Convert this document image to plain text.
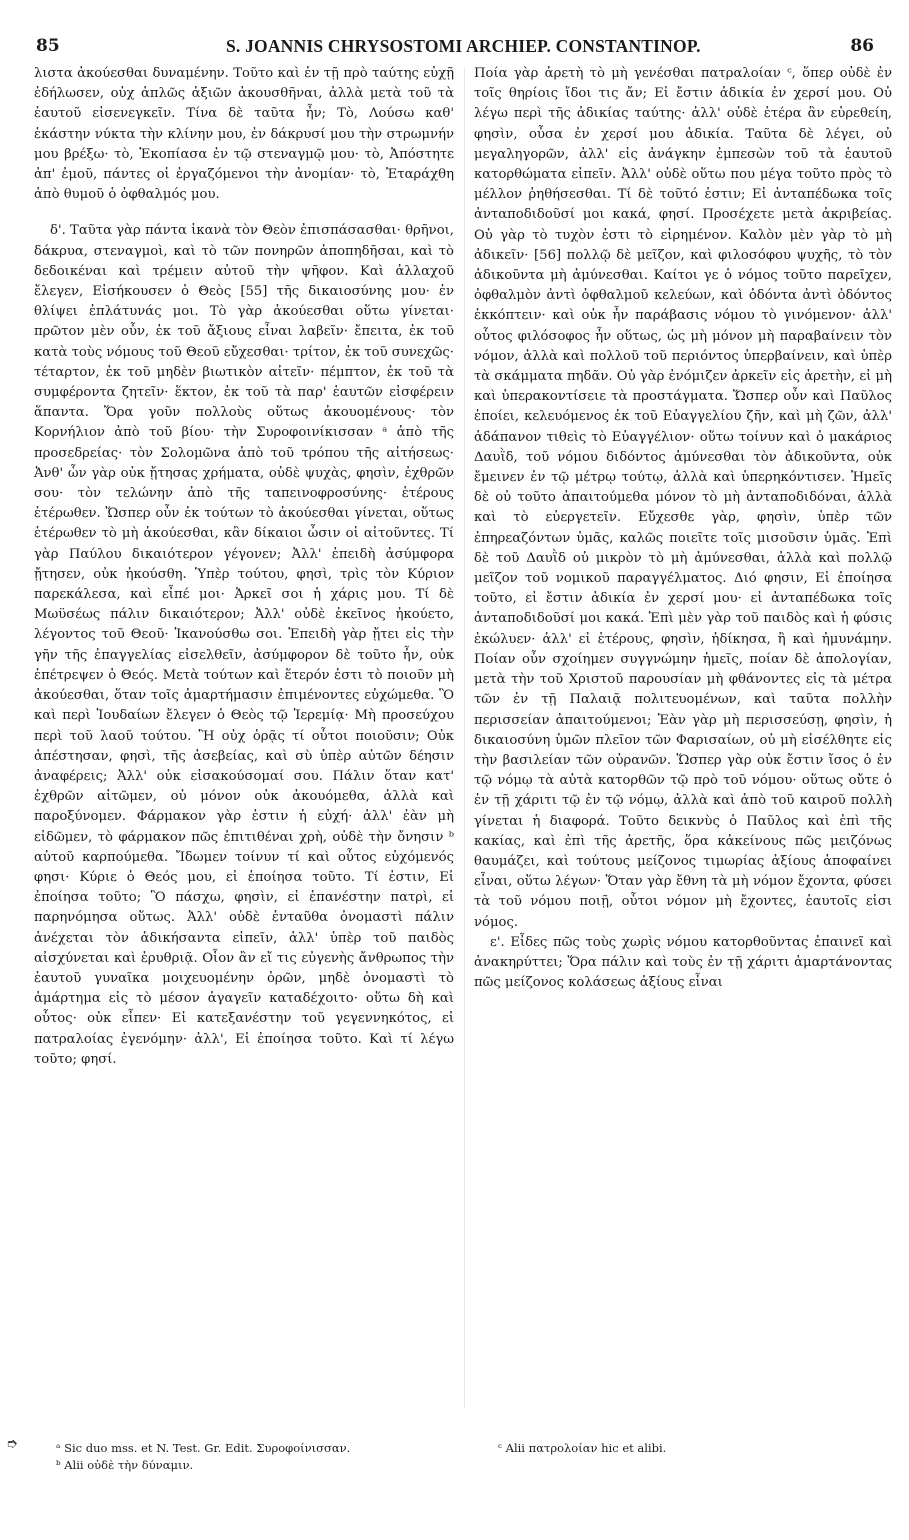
85	S. JOANNIS CHRYSOSTOMI ARCHIEP. CONSTANTINOP.	86

λιστα ἀκούεσθαι δυναμένην. Τοῦτο καὶ ἐν τῇ πρὸ ταύτης εὐχῇ ἐδήλωσεν, οὐχ ἁπλῶς ἀξιῶν ἀκουσθῆναι, ἀλλὰ μετὰ τοῦ τὰ ἑαυτοῦ εἰσενεγκεῖν. Τίνα δὲ ταῦτα ἦν; Τὸ, Λούσω καθ' ἑκάστην νύκτα τὴν κλίνην μου, ἐν δάκρυσί μου τὴν στρωμνήν μου βρέξω· τὸ, Ἐκοπίασα ἐν τῷ στεναγμῷ μου· τὸ, Ἀπόστητε ἀπ' ἐμοῦ, πάντες οἱ ἐργαζόμενοι τὴν ἀνομίαν· τὸ, Ἐταράχθη ἀπὸ θυμοῦ ὁ ὀφθαλμός μου.

δ'. Ταῦτα γὰρ πάντα ἱκανὰ τὸν Θεὸν ἐπισπάσασθαι· θρῆνοι, δάκρυα, στεναγμοὶ, καὶ τὸ τῶν πονηρῶν ἀποπηδῆσαι, καὶ τὸ δεδοικέναι καὶ τρέμειν αὐτοῦ τὴν ψῆφον. Καὶ ἀλλαχοῦ ἔλεγεν, Εἰσήκουσεν ὁ Θεὸς [55] τῆς δικαιοσύνης μου· ἐν θλίψει ἐπλάτυνάς μοι. Τὸ γὰρ ἀκούεσθαι οὕτω γίνεται· πρῶτον μὲν οὖν, ἐκ τοῦ ἄξιους εἶναι λαβεῖν· ἔπειτα, ἐκ τοῦ κατὰ τοὺς νόμους τοῦ Θεοῦ εὔχεσθαι· τρίτον, ἐκ τοῦ συνεχῶς· τέταρτον, ἐκ τοῦ μηδὲν βιωτικὸν αἰτεῖν· πέμπτον, ἐκ τοῦ τὰ συμφέροντα ζητεῖν· ἕκτον, ἐκ τοῦ τὰ παρ' ἑαυτῶν εἰσφέρειν ἅπαντα. Ὅρα γοῦν πολλοὺς οὕτως ἀκουομένους· τὸν Κορνήλιον ἀπὸ τοῦ βίου· τὴν Συροφοινίκισσαν ᵃ ἀπὸ τῆς προσεδρείας· τὸν Σολομῶνα ἀπὸ τοῦ τρόπου τῆς αἰτήσεως· Ἀνθ' ὧν γὰρ οὐκ ᾔτησας χρήματα, οὐδὲ ψυχὰς, φησὶν, ἐχθρῶν σου· τὸν τελώνην ἀπὸ τῆς ταπεινοφροσύνης· ἑτέρους ἑτέρωθεν. Ὥσπερ οὖν ἐκ τούτων τὸ ἀκούεσθαι γίνεται, οὕτως ἑτέρωθεν τὸ μὴ ἀκούεσθαι, κἂν δίκαιοι ὦσιν οἱ αἰτοῦντες. Τί γὰρ Παύλου δικαιότερον γέγονεν; Ἀλλ' ἐπειδὴ ἀσύμφορα ᾔτησεν, οὐκ ἠκούσθη. Ὑπὲρ τούτου, φησὶ, τρὶς τὸν Κύριον παρεκάλεσα, καὶ εἶπέ μοι· Ἀρκεῖ σοι ἡ χάρις μου. Τί δὲ Μωϋσέως πάλιν δικαιότερον; Ἀλλ' οὐδὲ ἐκεῖνος ἠκούετο, λέγοντος τοῦ Θεοῦ· Ἱκανούσθω σοι. Ἐπειδὴ γὰρ ᾔτει εἰς τὴν γῆν τῆς ἐπαγγελίας εἰσελθεῖν, ἀσύμφορον δὲ τοῦτο ἦν, οὐκ ἐπέτρεψεν ὁ Θεός. Μετὰ τούτων καὶ ἕτερόν ἐστι τὸ ποιοῦν μὴ ἀκούεσθαι, ὅταν τοῖς ἁμαρτήμασιν ἐπιμένοντες εὐχώμεθα. Ὃ καὶ περὶ Ἰουδαίων ἔλεγεν ὁ Θεὸς τῷ Ἱερεμίᾳ· Μὴ προσεύχου περὶ τοῦ λαοῦ τούτου. Ἢ οὐχ ὁρᾷς τί οὗτοι ποιοῦσιν; Οὐκ ἀπέστησαν, φησὶ, τῆς ἀσεβείας, καὶ σὺ ὑπὲρ αὐτῶν δέησιν ἀναφέρεις; Ἀλλ' οὐκ εἰσακούσομαί σου. Πάλιν ὅταν κατ' ἐχθρῶν αἰτῶμεν, οὐ μόνον οὐκ ἀκουόμεθα, ἀλλὰ καὶ παροξύνομεν. Φάρμακον γὰρ ἐστιν ἡ εὐχή· ἀλλ' ἐὰν μὴ εἰδῶμεν, τὸ φάρμακον πῶς ἐπιτιθέναι χρὴ, οὐδὲ τὴν ὄνησιν ᵇ αὐτοῦ καρπούμεθα. Ἴδωμεν τοίνυν τί καὶ οὗτος εὐχόμενός φησι· Κύριε ὁ Θεός μου, εἰ ἐποίησα τοῦτο. Τί ἐστιν, Εἰ ἐποίησα τοῦτο; Ὃ πάσχω, φησὶν, εἰ ἐπανέστην πατρὶ, εἰ παρηνόμησα οὕτως. Ἀλλ' οὐδὲ ἐνταῦθα ὀνομαστὶ πάλιν ἀνέχεται τὸν ἀδικήσαντα εἰπεῖν, ἀλλ' ὑπὲρ τοῦ παιδὸς αἰσχύνεται καὶ ἐρυθριᾷ. Οἷον ἂν εἴ τις εὐγενὴς ἄνθρωπος τὴν ἑαυτοῦ γυναῖκα μοιχευομένην ὁρῶν, μηδὲ ὀνομαστὶ τὸ ἁμάρτημα εἰς τὸ μέσον ἀγαγεῖν καταδέχοιτο· οὕτω δὴ καὶ οὗτος· οὐκ εἶπεν· Εἰ κατεξανέστην τοῦ γεγεννηκότος, εἰ πατραλοίας ἐγενόμην· ἀλλ', Εἰ ἐποίησα τοῦτο. Καὶ τί λέγω τοῦτο; φησί.

Ποία γὰρ ἀρετὴ τὸ μὴ γενέσθαι πατραλοίαν ᶜ, ὅπερ οὐδὲ ἐν τοῖς θηρίοις ἴδοι τις ἄν; Εἰ ἔστιν ἀδικία ἐν χερσί μου. Οὐ λέγω περὶ τῆς ἀδικίας ταύτης· ἀλλ' οὐδὲ ἑτέρα ἂν εὑρεθείη, φησὶν, οὖσα ἐν χερσί μου ἀδικία. Ταῦτα δὲ λέγει, οὐ μεγαληγορῶν, ἀλλ' εἰς ἀνάγκην ἐμπεσὼν τοῦ τὰ ἑαυτοῦ κατορθώματα εἰπεῖν. Ἀλλ' οὐδὲ οὕτω που μέγα τοῦτο πρὸς τὸ μέλλον ῥηθήσεσθαι. Τί δὲ τοῦτό ἐστιν; Εἰ ἀνταπέδωκα τοῖς ἀνταποδιδοῦσί μοι κακά, φησί. Προσέχετε μετὰ ἀκριβείας. Οὐ γὰρ τὸ τυχὸν ἐστι τὸ εἰρημένον. Καλὸν μὲν γὰρ τὸ μὴ ἀδικεῖν· [56] πολλῷ δὲ μεῖζον, καὶ φιλοσόφου ψυχῆς, τὸ τὸν ἀδικοῦντα μὴ ἀμύνεσθαι. Καίτοι γε ὁ νόμος τοῦτο παρεῖχεν, ὀφθαλμὸν ἀντὶ ὀφθαλμοῦ κελεύων, καὶ ὀδόντα ἀντὶ ὀδόντος ἐκκόπτειν· καὶ οὐκ ἦν παράβασις νόμου τὸ γινόμενον· ἀλλ' οὗτος φιλόσοφος ἦν οὕτως, ὡς μὴ μόνον μὴ παραβαίνειν τὸν νόμον, ἀλλὰ καὶ πολλοῦ τοῦ περιόντος ὑπερβαίνειν, καὶ ὑπὲρ τὰ σκάμματα πηδᾶν. Οὐ γὰρ ἐνόμιζεν ἀρκεῖν εἰς ἀρετὴν, εἰ μὴ καὶ ὑπερακοντίσειε τὰ προστάγματα. Ὥσπερ οὖν καὶ Παῦλος ἐποίει, κελευόμενος ἐκ τοῦ Εὐαγγελίου ζῆν, καὶ μὴ ζῶν, ἀλλ' ἀδάπανον τιθεὶς τὸ Εὐαγγέλιον· οὕτω τοίνυν καὶ ὁ μακάριος Δαυῒδ, τοῦ νόμου διδόντος ἀμύνεσθαι τὸν ἀδικοῦντα, οὐκ ἔμεινεν ἐν τῷ μέτρῳ τούτῳ, ἀλλὰ καὶ ὑπερηκόντισεν. Ἡμεῖς δὲ οὐ τοῦτο ἀπαιτούμεθα μόνον τὸ μὴ ἀνταποδιδόναι, ἀλλὰ καὶ τὸ εὐεργετεῖν. Εὔχεσθε γὰρ, φησὶν, ὑπὲρ τῶν ἐπηρεαζόντων ὑμᾶς, καλῶς ποιεῖτε τοῖς μισοῦσιν ὑμᾶς. Ἐπὶ δὲ τοῦ Δαυῒδ οὐ μικρὸν τὸ μὴ ἀμύνεσθαι, ἀλλὰ καὶ πολλῷ μεῖζον τοῦ νομικοῦ παραγγέλματος. Διό φησιν, Εἰ ἐποίησα τοῦτο, εἰ ἔστιν ἀδικία ἐν χερσί μου· εἰ ἀνταπέδωκα τοῖς ἀνταποδιδοῦσί μοι κακά. Ἐπὶ μὲν γὰρ τοῦ παιδὸς καὶ ἡ φύσις ἐκώλυεν· ἀλλ' εἰ ἑτέρους, φησὶν, ἠδίκησα, ἢ καὶ ἠμυνάμην. Ποίαν οὖν σχοίημεν συγγνώμην ἡμεῖς, ποίαν δὲ ἀπολογίαν, μετὰ τὴν τοῦ Χριστοῦ παρουσίαν μὴ φθάνοντες εἰς τὰ μέτρα τῶν ἐν τῇ Παλαιᾷ πολιτευομένων, καὶ ταῦτα πολλὴν περισσείαν ἀπαιτούμενοι; Ἐὰν γὰρ μὴ περισσεύσῃ, φησὶν, ἡ δικαιοσύνη ὑμῶν πλεῖον τῶν Φαρισαίων, οὐ μὴ εἰσέλθητε εἰς τὴν βασιλείαν τῶν οὐρανῶν. Ὥσπερ γὰρ οὐκ ἔστιν ἴσος ὁ ἐν τῷ νόμῳ τὰ αὐτὰ κατορθῶν τῷ πρὸ τοῦ νόμου· οὕτως οὔτε ὁ ἐν τῇ χάριτι τῷ ἐν τῷ νόμῳ, ἀλλὰ καὶ ἀπὸ τοῦ καιροῦ πολλὴ γίνεται ἡ διαφορά. Τοῦτο δεικνὺς ὁ Παῦλος καὶ ἐπὶ τῆς κακίας, καὶ ἐπὶ τῆς ἀρετῆς, ὅρα κἀκείνους πῶς μειζόνως θαυμάζει, καὶ τούτους μείζονος τιμωρίας ἀξίους ἀποφαίνει εἶναι, οὕτω λέγων· Ὅταν γὰρ ἔθνη τὰ μὴ νόμον ἔχοντα, φύσει τὰ τοῦ νόμου ποιῇ, οὗτοι νόμον μὴ ἔχοντες, ἑαυτοῖς εἰσι νόμος.

ε'. Εἶδες πῶς τοὺς χωρὶς νόμου κατορθοῦντας ἐπαινεῖ καὶ ἀνακηρύττει; Ὅρα πάλιν καὶ τοὺς ἐν τῇ χάριτι ἁμαρτάνοντας πῶς μείζονος κολάσεως ἀξίους εἶναι

➮	ᵃ Sic duo mss. et N. Test. Gr. Edit. Συροφοίνισσαν.

ᵇ Alii οὐδὲ τὴν δύναμιν.

ᶜ Alii πατρολοίαν hic et alibi.
